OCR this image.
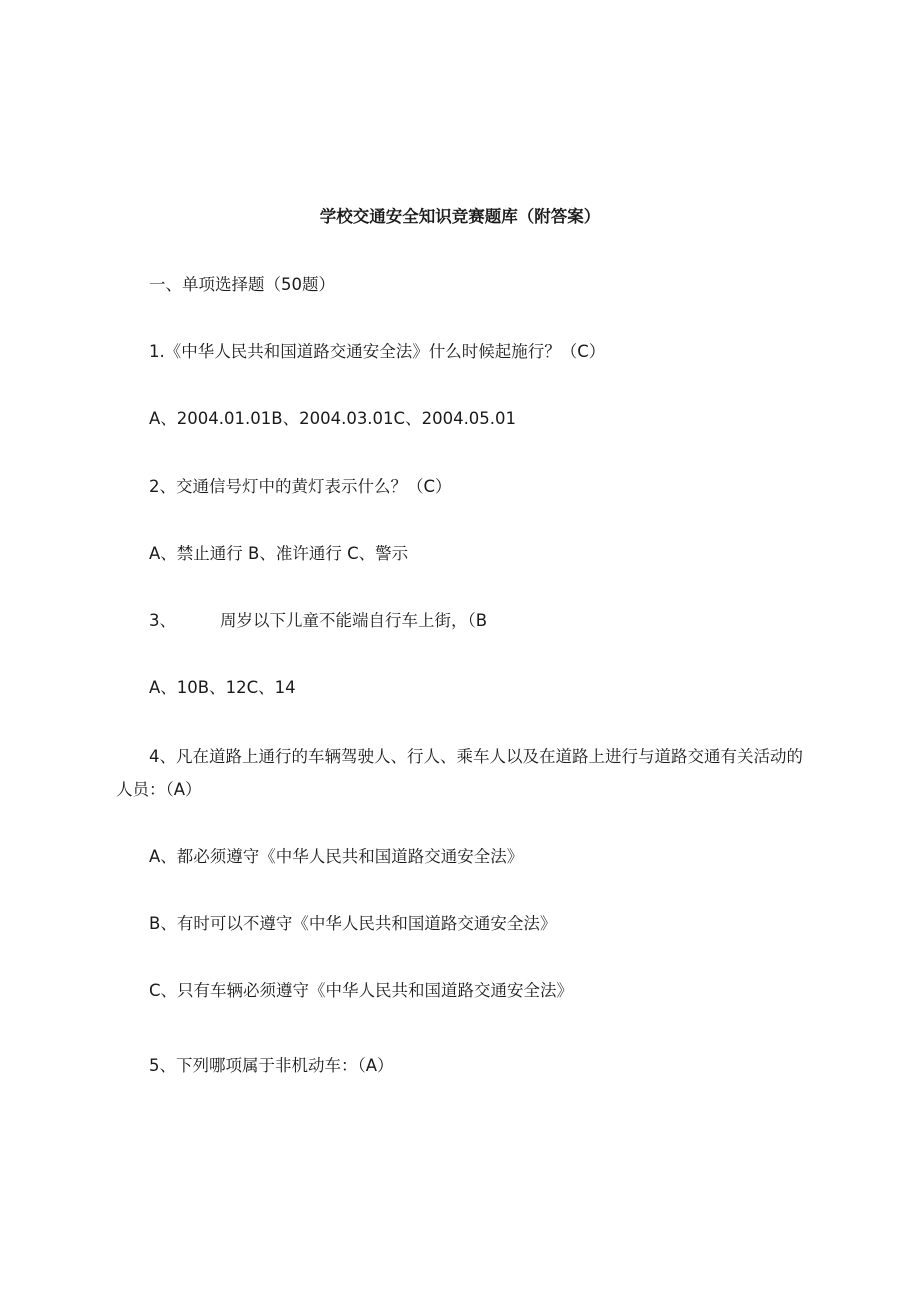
学校交通安全知识竞赛题库（附答案）
一、单项选择题（50题）
1.《中华人民共和国道路交通安全法》什么时候起施行？（C）
A、2004.01.01B、2004.03.01C、2004.05.01
2、交通信号灯中的黄灯表示什么？（C）
A、禁止通行 B、准许通行 C、警示
3、	周岁以下儿童不能端自行车上街，（B
A、10B、12C、14
4、凡在道路上通行的车辆驾驶人、行人、乘车人以及在道路上进行与道路交通有关活动的人员：（A）
A、都必须遵守《中华人民共和国道路交通安全法》
B、有时可以不遵守《中华人民共和国道路交通安全法》
C、只有车辆必须遵守《中华人民共和国道路交通安全法》
5、下列哪项属于非机动车：（A）
